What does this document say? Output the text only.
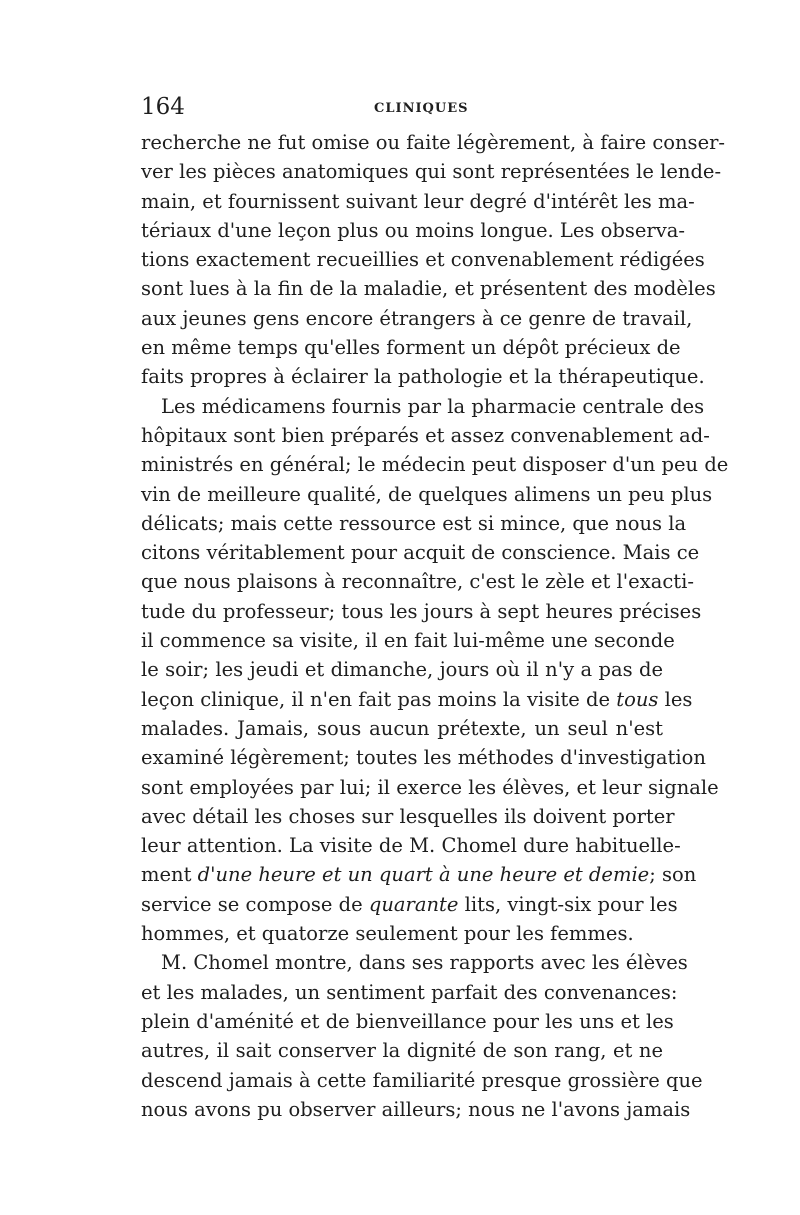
164	CLINIQUES
recherche ne fut omise ou faite légèrement, à faire conser-
ver les pièces anatomiques qui sont représentées le lende-
main, et fournissent suivant leur degré d'intérêt les ma-
tériaux d'une leçon plus ou moins longue. Les observa-
tions exactement recueillies et convenablement rédigées
sont lues à la fin de la maladie, et présentent des modèles
aux jeunes gens encore étrangers à ce genre de travail,
en même temps qu'elles forment un dépôt précieux de
faits propres à éclairer la pathologie et la thérapeutique.
Les médicamens fournis par la pharmacie centrale des
hôpitaux sont bien préparés et assez convenablement ad-
ministrés en général; le médecin peut disposer d'un peu de
vin de meilleure qualité, de quelques alimens un peu plus
délicats; mais cette ressource est si mince, que nous la
citons véritablement pour acquit de conscience. Mais ce
que nous plaisons à reconnaître, c'est le zèle et l'exacti-
tude du professeur; tous les jours à sept heures précises
il commence sa visite, il en fait lui-même une seconde
le soir; les jeudi et dimanche, jours où il n'y a pas de
leçon clinique, il n'en fait pas moins la visite de tous les
malades. Jamais, sous aucun prétexte, un seul n'est
examiné légèrement; toutes les méthodes d'investigation
sont employées par lui; il exerce les élèves, et leur signale
avec détail les choses sur lesquelles ils doivent porter
leur attention. La visite de M. Chomel dure habituelle-
ment d'une heure et un quart à une heure et demie; son
service se compose de quarante lits, vingt-six pour les
hommes, et quatorze seulement pour les femmes.
M. Chomel montre, dans ses rapports avec les élèves
et les malades, un sentiment parfait des convenances:
plein d'aménité et de bienveillance pour les uns et les
autres, il sait conserver la dignité de son rang, et ne
descend jamais à cette familiarité presque grossière que
nous avons pu observer ailleurs; nous ne l'avons jamais
